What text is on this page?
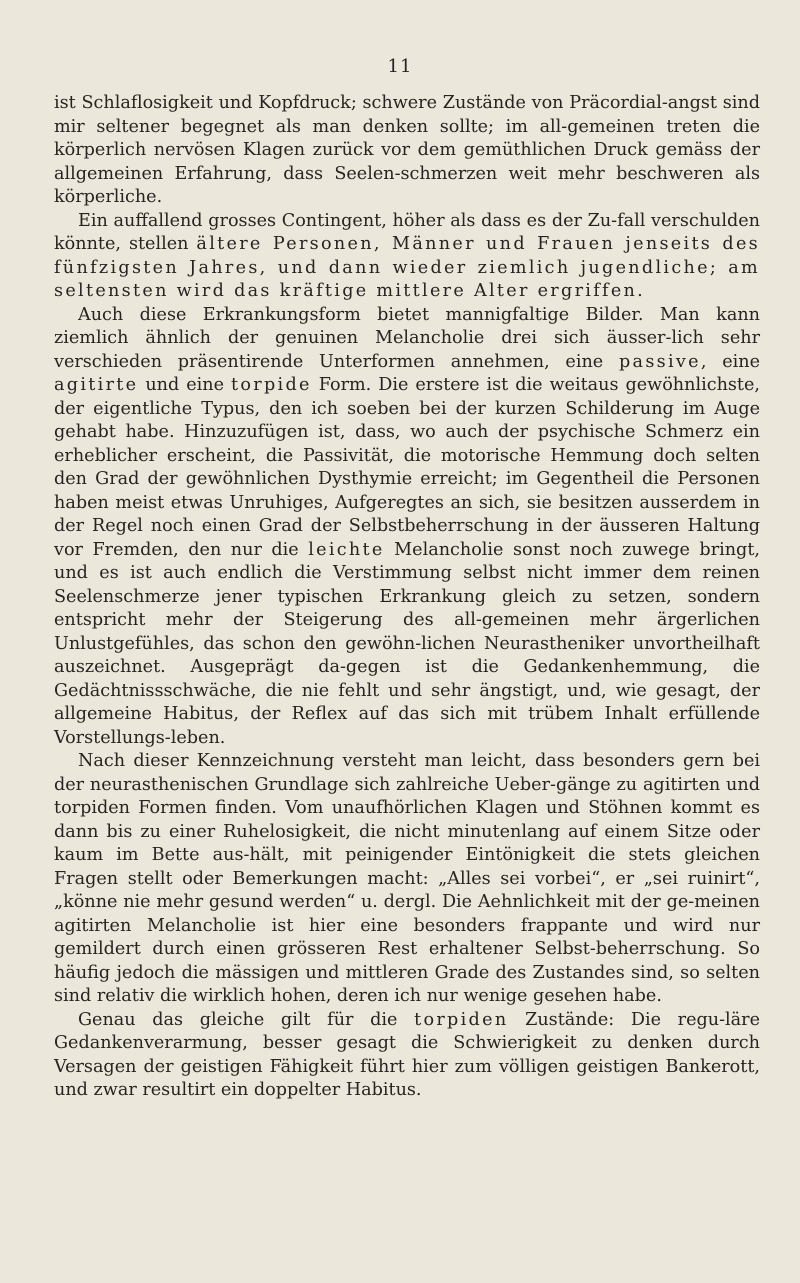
11

ist Schlaflosigkeit und Kopfdruck; schwere Zustände von Präcordial-angst sind mir seltener begegnet als man denken sollte; im all-gemeinen treten die körperlich nervösen Klagen zurück vor dem gemüthlichen Druck gemäss der allgemeinen Erfahrung, dass Seelen-schmerzen weit mehr beschweren als körperliche.

Ein auffallend grosses Contingent, höher als dass es der Zu-fall verschulden könnte, stellen ältere Personen, Männer und Frauen jenseits des fünfzigsten Jahres, und dann wieder ziemlich jugendliche; am seltensten wird das kräftige mittlere Alter ergriffen.

Auch diese Erkrankungsform bietet mannigfaltige Bilder. Man kann ziemlich ähnlich der genuinen Melancholie drei sich äusser-lich sehr verschieden präsentirende Unterformen annehmen, eine passive, eine agitirte und eine torpide Form. Die erstere ist die weitaus gewöhnlichste, der eigentliche Typus, den ich soeben bei der kurzen Schilderung im Auge gehabt habe. Hinzuzufügen ist, dass, wo auch der psychische Schmerz ein erheblicher erscheint, die Passivität, die motorische Hemmung doch selten den Grad der gewöhnlichen Dysthymie erreicht; im Gegentheil die Personen haben meist etwas Unruhiges, Aufgeregtes an sich, sie besitzen ausserdem in der Regel noch einen Grad der Selbstbeherrschung in der äusseren Haltung vor Fremden, den nur die leichte Melancholie sonst noch zuwege bringt, und es ist auch endlich die Verstimmung selbst nicht immer dem reinen Seelenschmerze jener typischen Erkrankung gleich zu setzen, sondern entspricht mehr der Steigerung des all-gemeinen mehr ärgerlichen Unlustgefühles, das schon den gewöhn-lichen Neurastheniker unvortheilhaft auszeichnet. Ausgeprägt da-gegen ist die Gedankenhemmung, die Gedächtnissschwäche, die nie fehlt und sehr ängstigt, und, wie gesagt, der allgemeine Habitus, der Reflex auf das sich mit trübem Inhalt erfüllende Vorstellungs-leben.

Nach dieser Kennzeichnung versteht man leicht, dass besonders gern bei der neurasthenischen Grundlage sich zahlreiche Ueber-gänge zu agitirten und torpiden Formen finden. Vom unaufhörlichen Klagen und Stöhnen kommt es dann bis zu einer Ruhelosigkeit, die nicht minutenlang auf einem Sitze oder kaum im Bette aus-hält, mit peinigender Eintönigkeit die stets gleichen Fragen stellt oder Bemerkungen macht: „Alles sei vorbei“, er „sei ruinirt“, „könne nie mehr gesund werden“ u. dergl. Die Aehnlichkeit mit der ge-meinen agitirten Melancholie ist hier eine besonders frappante und wird nur gemildert durch einen grösseren Rest erhaltener Selbst-beherrschung. So häufig jedoch die mässigen und mittleren Grade des Zustandes sind, so selten sind relativ die wirklich hohen, deren ich nur wenige gesehen habe.

Genau das gleiche gilt für die torpiden Zustände: Die regu-läre Gedankenverarmung, besser gesagt die Schwierigkeit zu denken durch Versagen der geistigen Fähigkeit führt hier zum völligen geistigen Bankerott, und zwar resultirt ein doppelter Habitus.
